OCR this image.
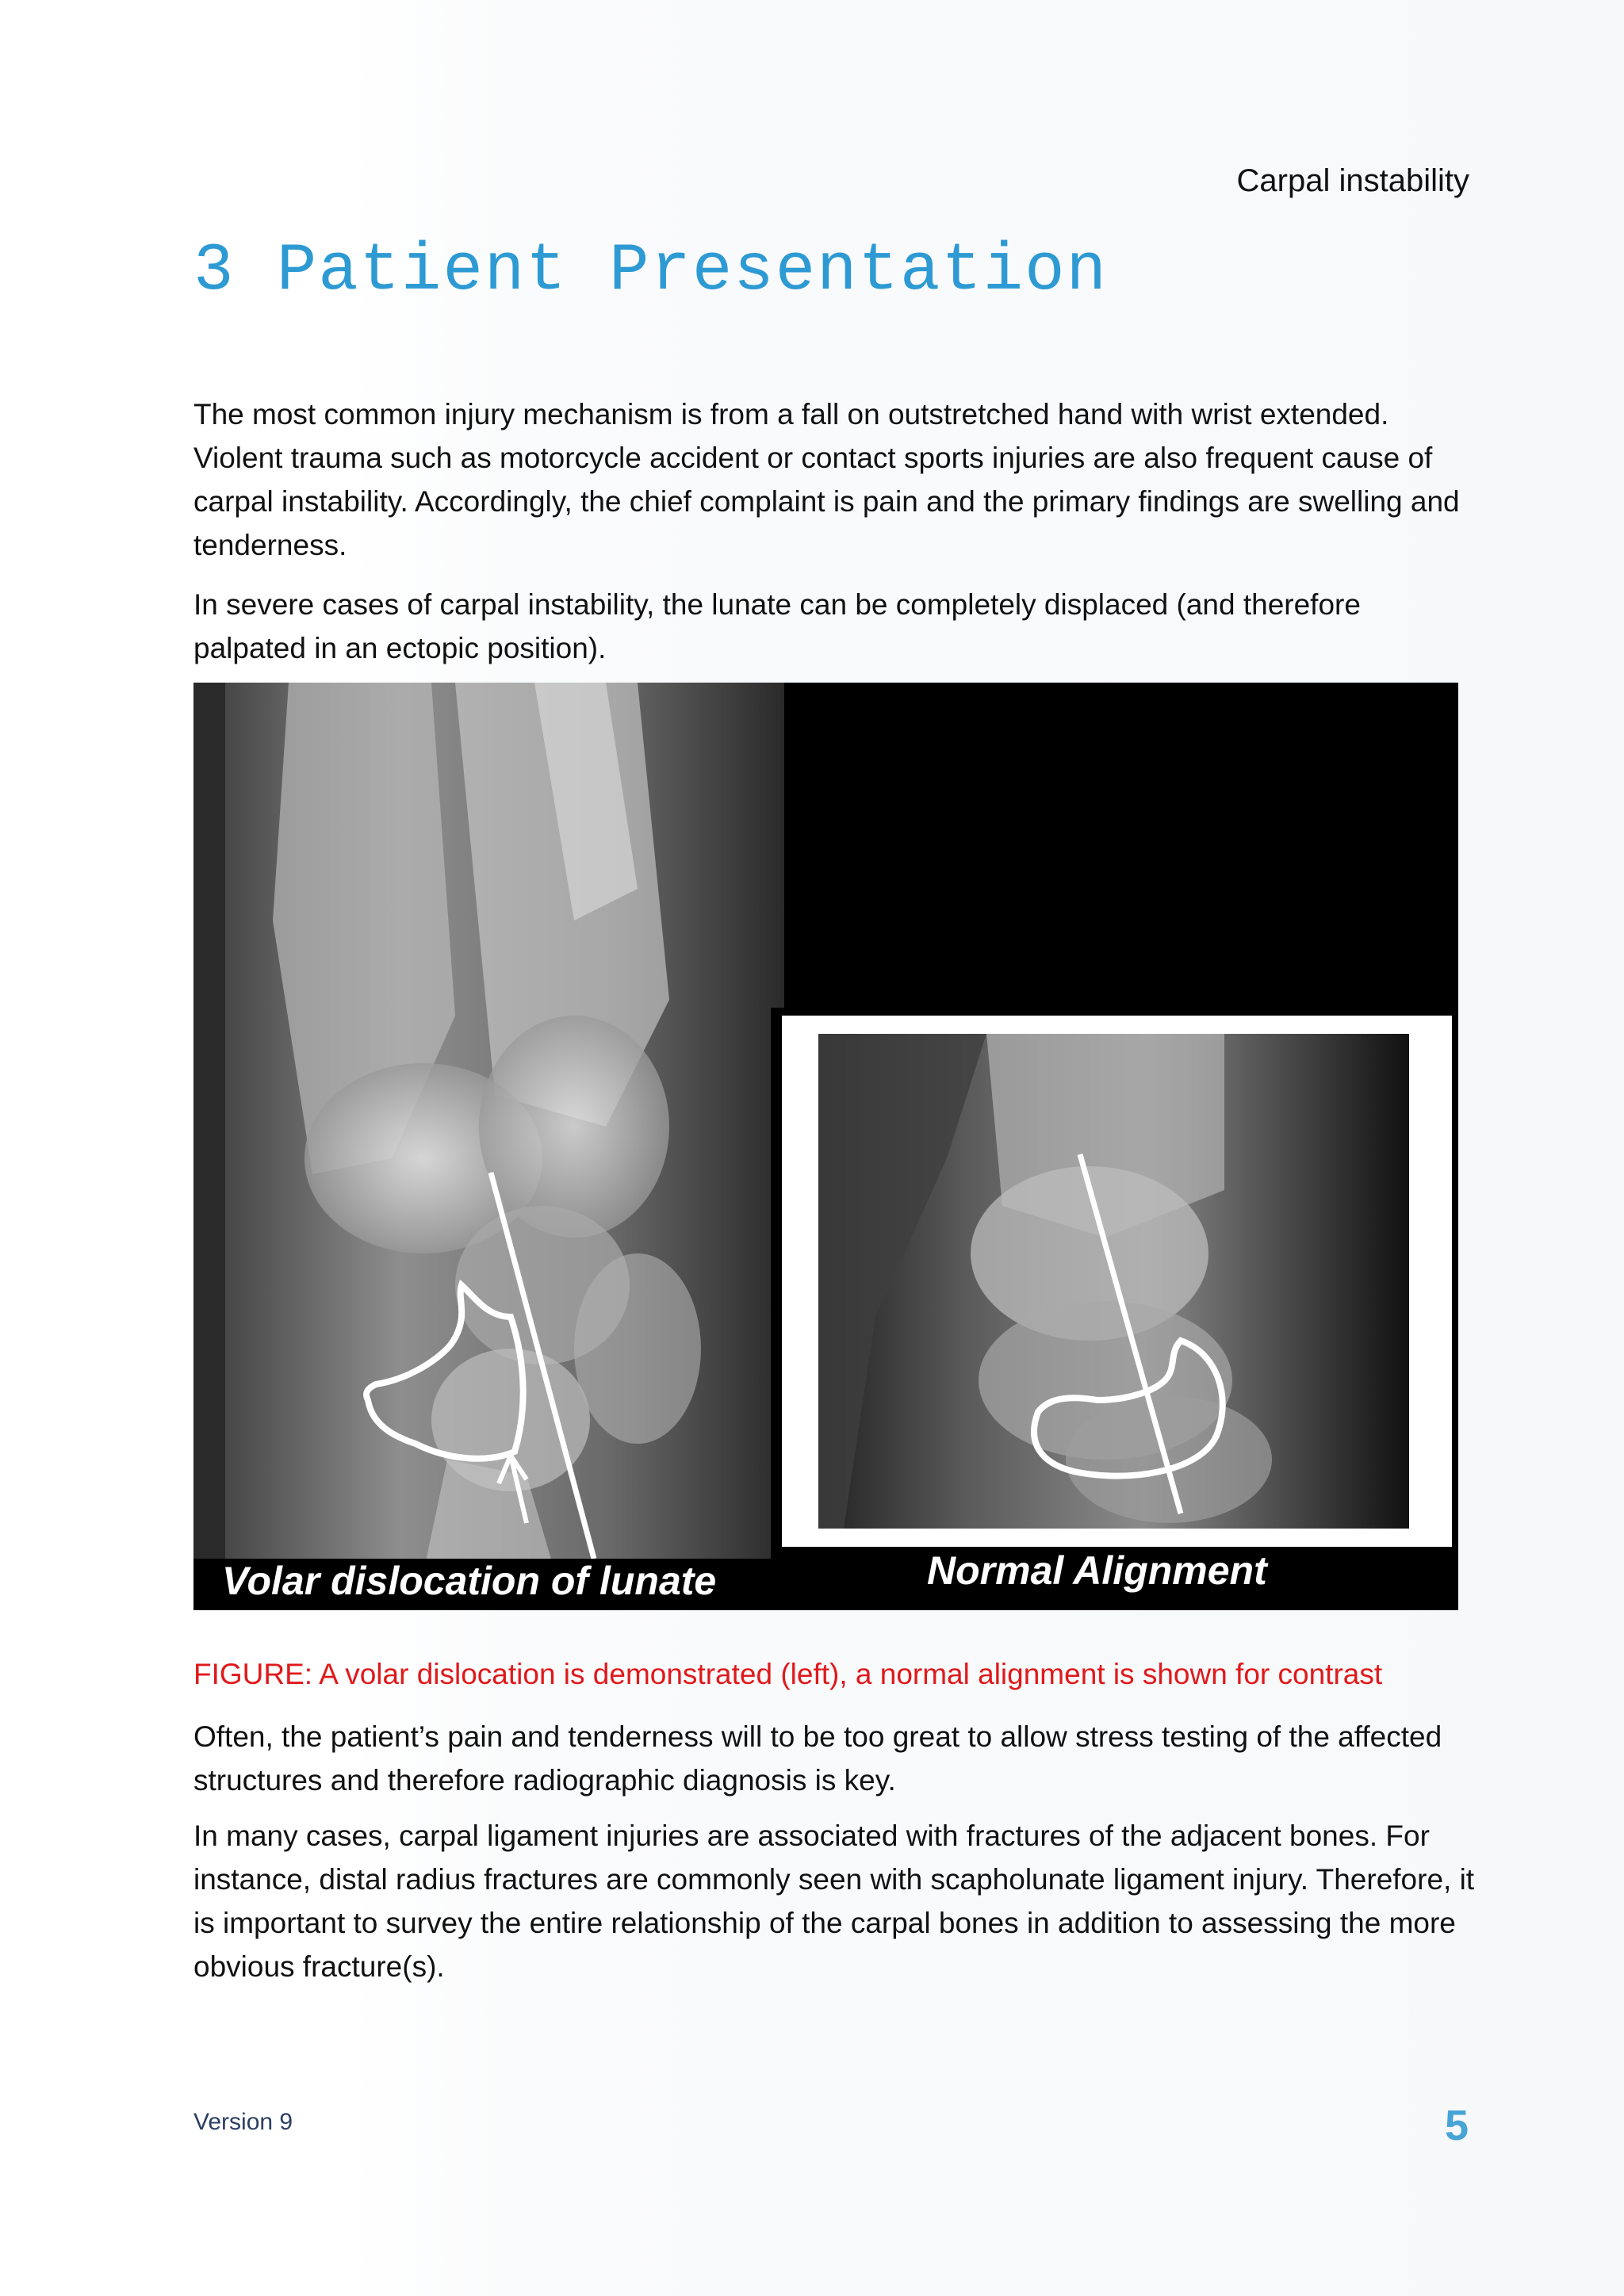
Carpal instability
3 Patient Presentation

The most common injury mechanism is from a fall on outstretched hand with wrist extended. Violent trauma such as motorcycle accident or contact sports injuries are also frequent cause of carpal instability. Accordingly, the chief complaint is pain and the primary findings are swelling and tenderness.

In severe cases of carpal instability, the lunate can be completely displaced (and therefore palpated in an ectopic position).

Volar dislocation of lunate	Normal Alignment

FIGURE: A volar dislocation is demonstrated (left), a normal alignment is shown for contrast

Often, the patient’s pain and tenderness will to be too great to allow stress testing of the affected structures and therefore radiographic diagnosis is key.

In many cases, carpal ligament injuries are associated with fractures of the adjacent bones. For instance, distal radius fractures are commonly seen with scapholunate ligament injury. Therefore, it is important to survey the entire relationship of the carpal bones in addition to assessing the more obvious fracture(s).

Version 9	5
